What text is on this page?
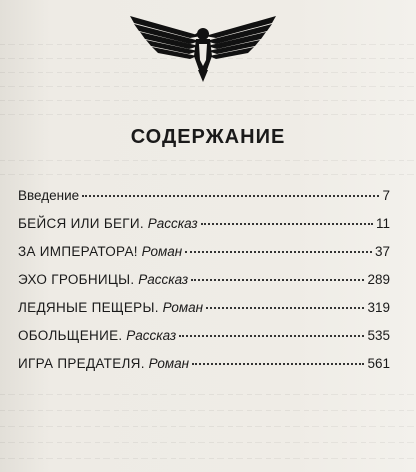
СОДЕРЖАНИЕ
Введение	7
БЕЙСЯ ИЛИ БЕГИ. Рассказ	11
ЗА ИМПЕРАТОРА! Роман	37
ЭХО ГРОБНИЦЫ. Рассказ	289
ЛЕДЯНЫЕ ПЕЩЕРЫ. Роман	319
ОБОЛЬЩЕНИЕ. Рассказ	535
ИГРА ПРЕДАТЕЛЯ. Роман	561
